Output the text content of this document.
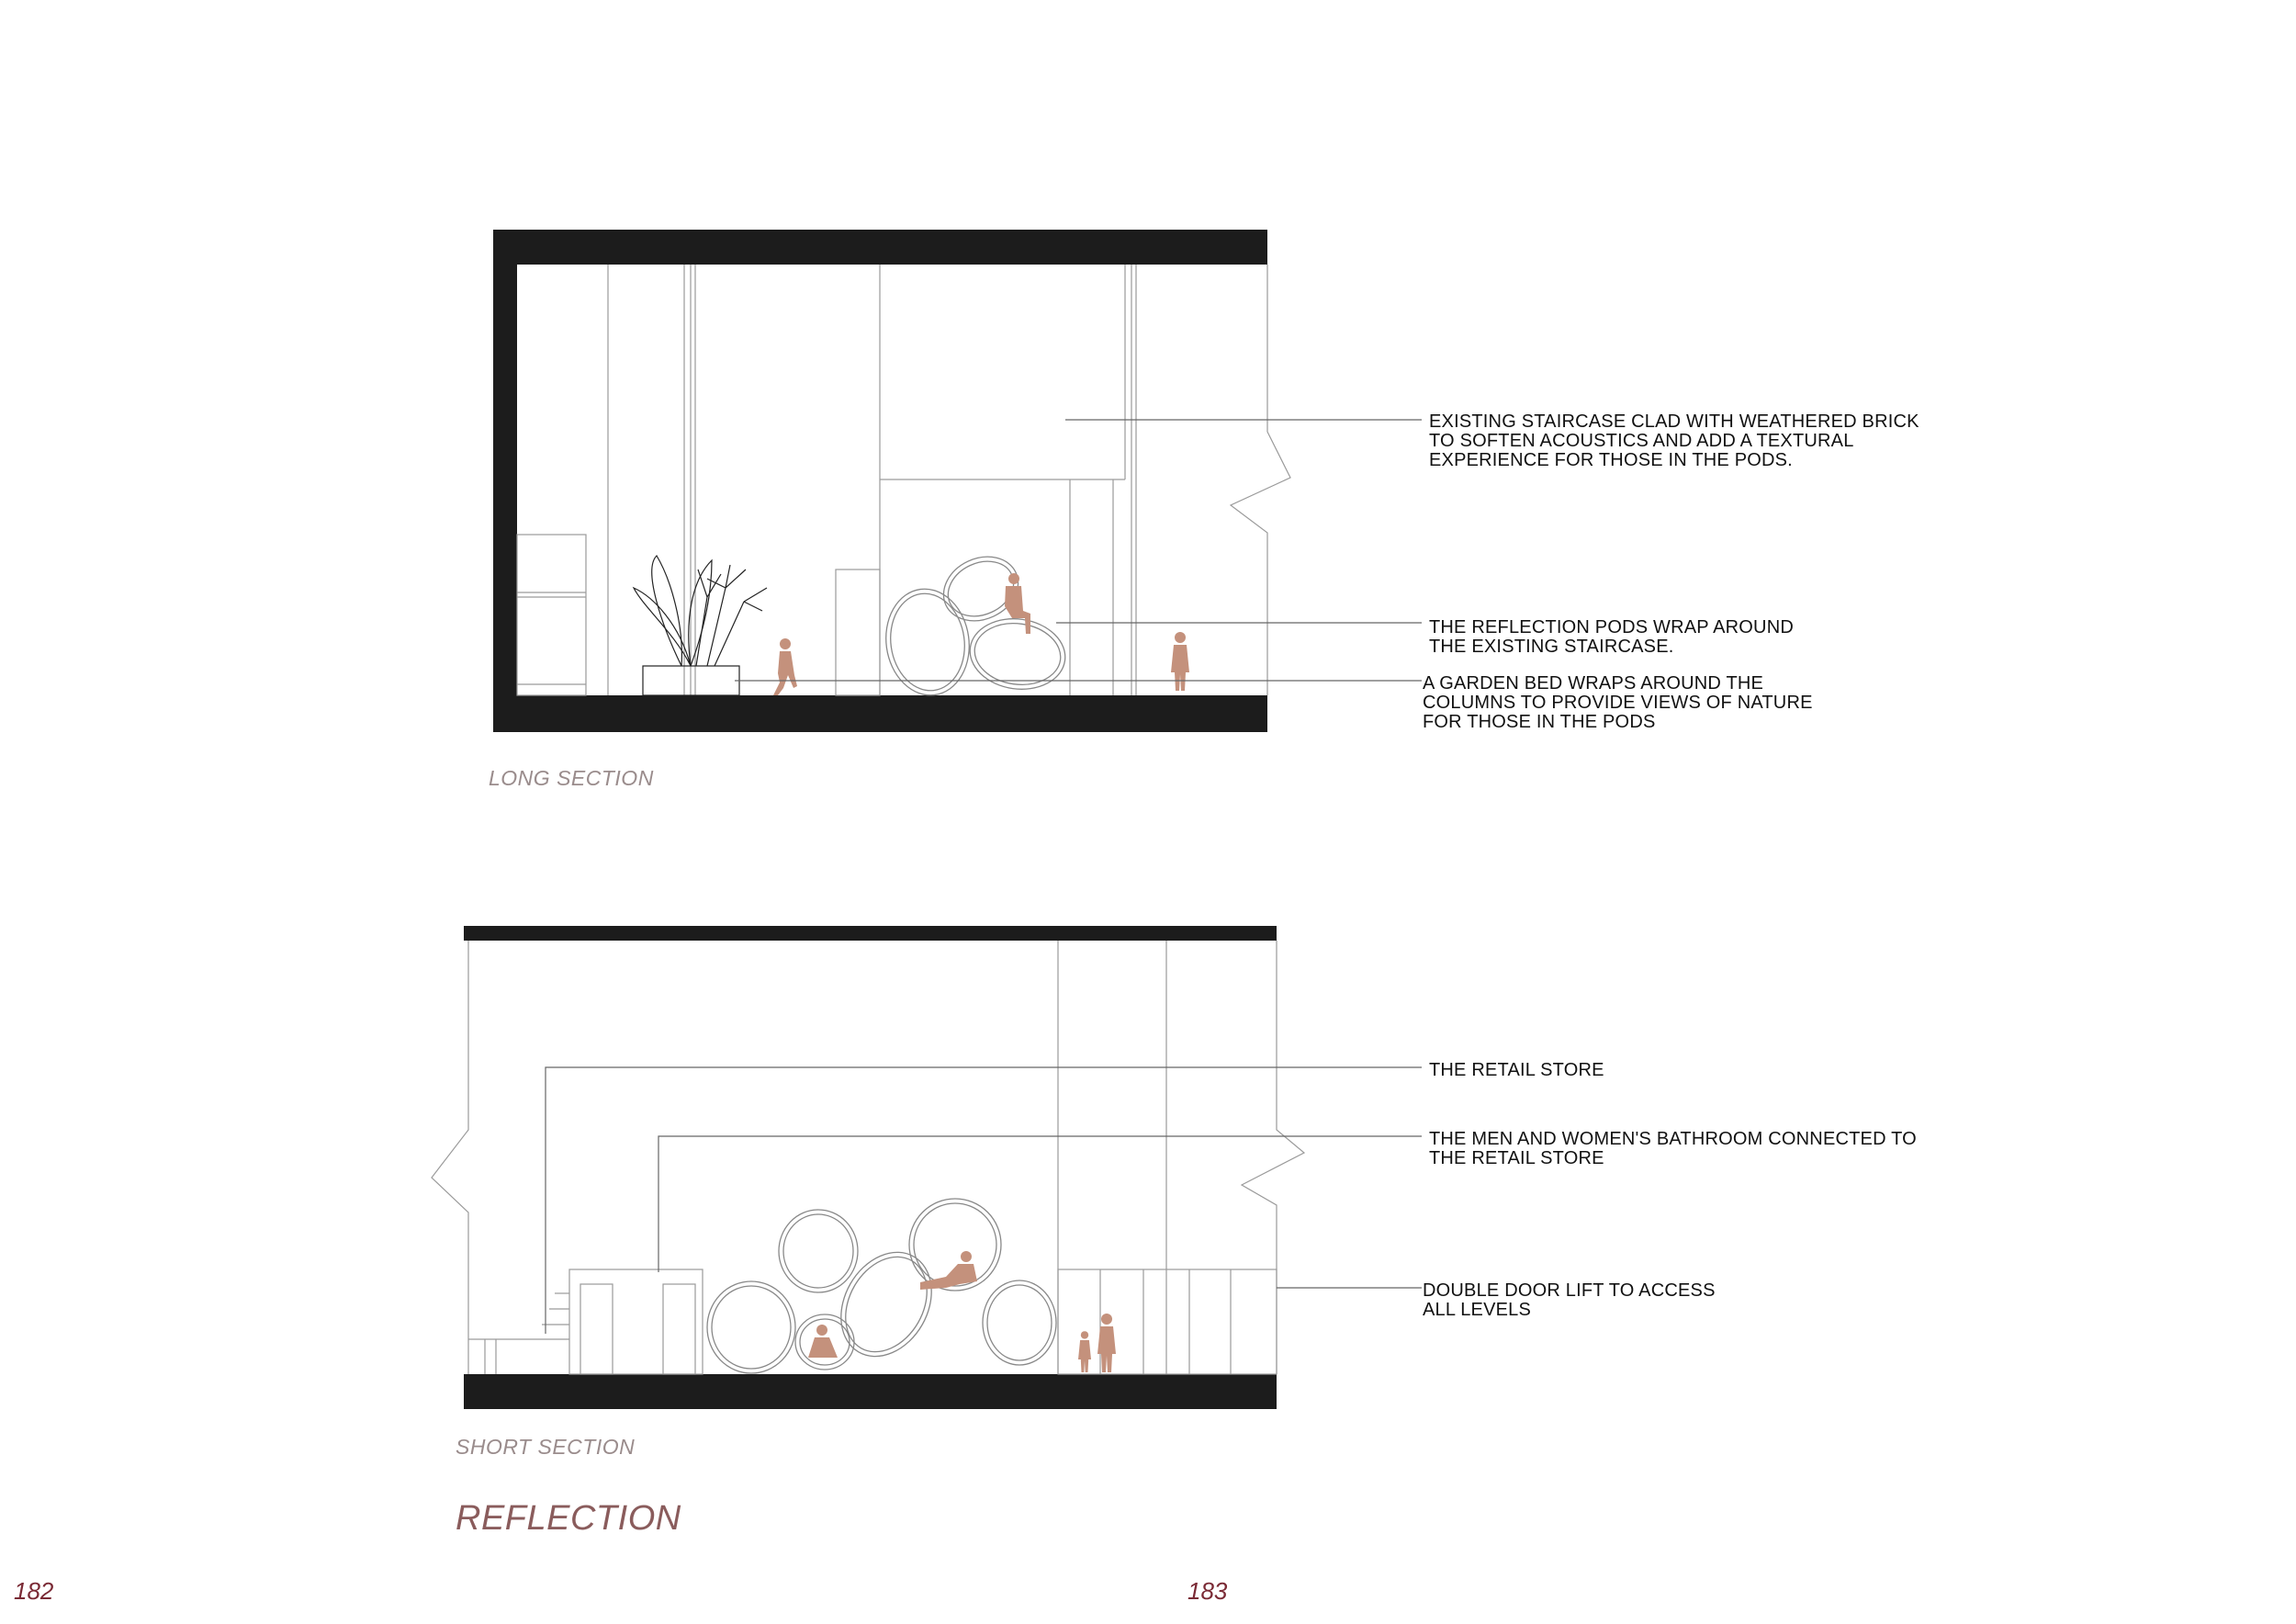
EXISTING STAIRCASE CLAD WITH WEATHERED BRICK
TO SOFTEN ACOUSTICS AND ADD A TEXTURAL
EXPERIENCE FOR THOSE IN THE PODS.
THE REFLECTION PODS WRAP AROUND
THE EXISTING STAIRCASE.
A GARDEN BED WRAPS AROUND THE
COLUMNS TO PROVIDE VIEWS OF NATURE
FOR THOSE IN THE PODS
LONG SECTION
THE RETAIL STORE
THE MEN AND WOMEN'S BATHROOM CONNECTED TO
THE RETAIL STORE
DOUBLE DOOR LIFT TO ACCESS
ALL LEVELS
SHORT SECTION
REFLECTION
182	183
